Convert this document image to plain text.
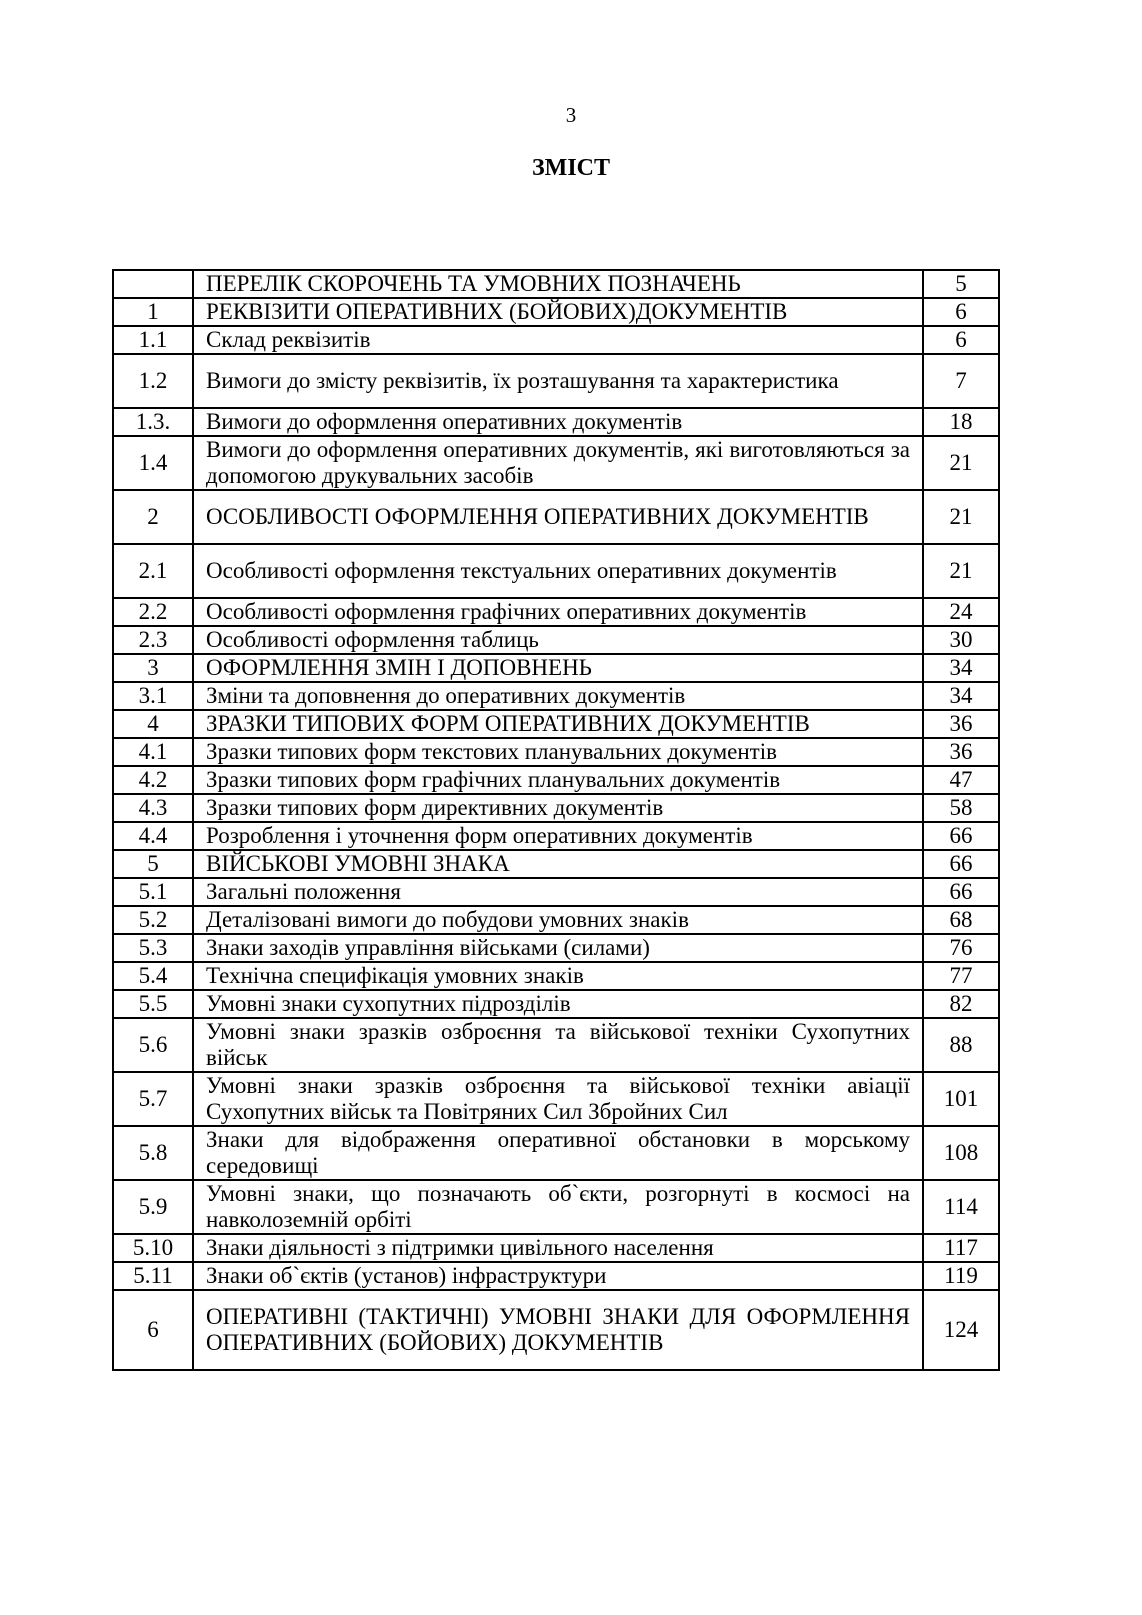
3
ЗМІСТ
	ПЕРЕЛІК СКОРОЧЕНЬ ТА УМОВНИХ ПОЗНАЧЕНЬ	5
1	РЕКВІЗИТИ ОПЕРАТИВНИХ (БОЙОВИХ)ДОКУМЕНТІВ	6
1.1	Склад реквізитів	6
1.2	Вимоги до змісту реквізитів, їх розташування та характеристика	7
1.3.	Вимоги до оформлення оперативних документів	18
1.4	Вимоги до оформлення оперативних документів, які виготовляються за допомогою друкувальних засобів	21
2	ОСОБЛИВОСТІ ОФОРМЛЕННЯ ОПЕРАТИВНИХ ДОКУМЕНТІВ	21
2.1	Особливості оформлення текстуальних оперативних документів	21
2.2	Особливості оформлення графічних оперативних документів	24
2.3	Особливості оформлення таблиць	30
3	ОФОРМЛЕННЯ ЗМІН І ДОПОВНЕНЬ	34
3.1	Зміни та доповнення до оперативних документів	34
4	ЗРАЗКИ ТИПОВИХ ФОРМ ОПЕРАТИВНИХ ДОКУМЕНТІВ	36
4.1	Зразки типових форм текстових планувальних документів	36
4.2	Зразки типових форм графічних планувальних документів	47
4.3	Зразки типових форм директивних документів	58
4.4	Розроблення і уточнення форм оперативних документів	66
5	ВІЙСЬКОВІ УМОВНІ ЗНАКА	66
5.1	Загальні положення	66
5.2	Деталізовані вимоги до побудови умовних знаків	68
5.3	Знаки заходів управління військами (силами)	76
5.4	Технічна специфікація умовних знаків	77
5.5	Умовні знаки сухопутних підрозділів	82
5.6	Умовні знаки зразків озброєння та військової техніки Сухопутних військ	88
5.7	Умовні знаки зразків озброєння та військової техніки авіації Сухопутних військ та Повітряних Сил Збройних Сил	101
5.8	Знаки для відображення оперативної обстановки в морському середовищі	108
5.9	Умовні знаки, що позначають об`єкти, розгорнуті в космосі на навколоземній орбіті	114
5.10	Знаки діяльності з підтримки цивільного населення	117
5.11	Знаки об`єктів (установ) інфраструктури	119
6	ОПЕРАТИВНІ (ТАКТИЧНІ) УМОВНІ ЗНАКИ ДЛЯ ОФОРМЛЕННЯ ОПЕРАТИВНИХ (БОЙОВИХ) ДОКУМЕНТІВ	124
